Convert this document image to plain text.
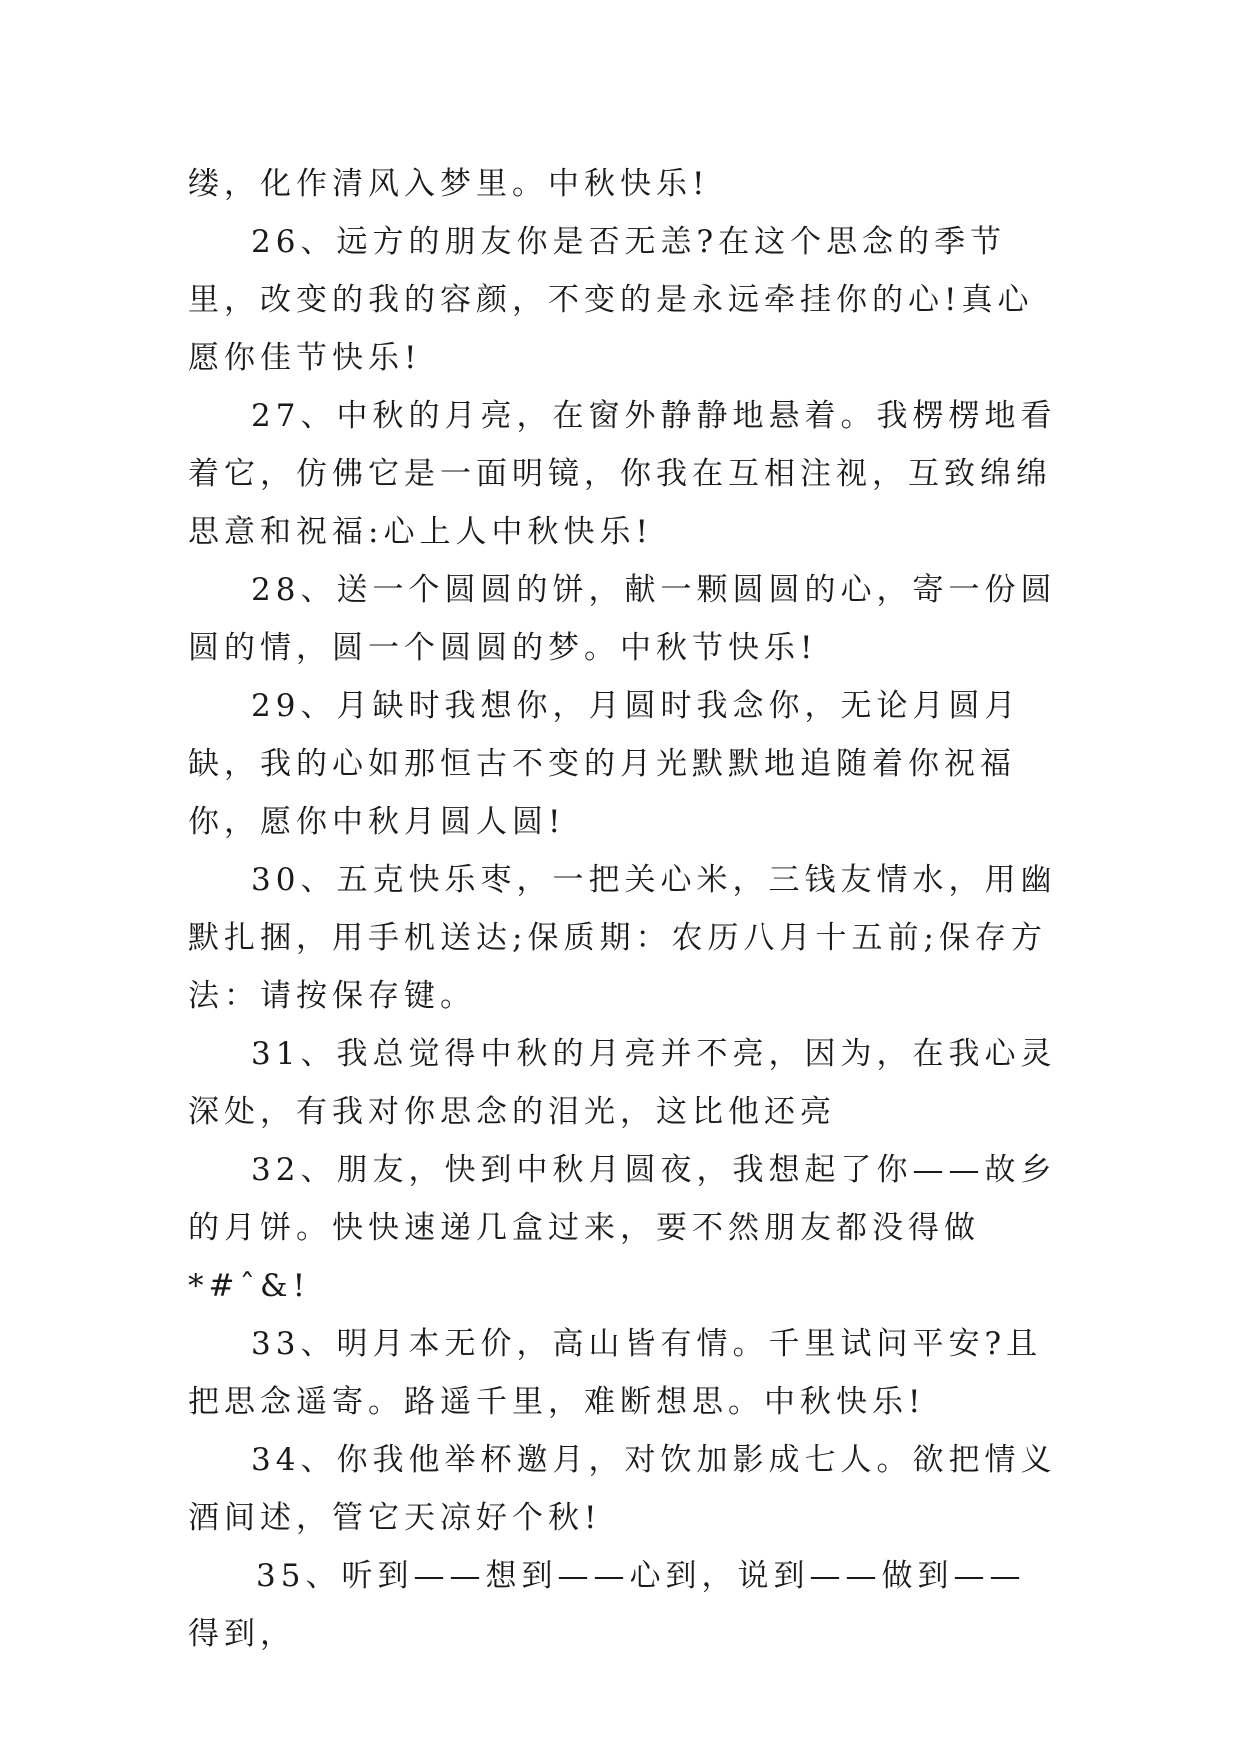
缕，化作清风入梦里。中秋快乐!

26、远方的朋友你是否无恙?在这个思念的季节里，改变的我的容颜，不变的是永远牵挂你的心!真心愿你佳节快乐!

27、中秋的月亮，在窗外静静地悬着。我楞楞地看着它，仿佛它是一面明镜，你我在互相注视，互致绵绵思意和祝福:心上人中秋快乐!

28、送一个圆圆的饼，献一颗圆圆的心，寄一份圆圆的情，圆一个圆圆的梦。中秋节快乐!

29、月缺时我想你，月圆时我念你，无论月圆月缺，我的心如那恒古不变的月光默默地追随着你祝福你，愿你中秋月圆人圆!

30、五克快乐枣，一把关心米，三钱友情水，用幽默扎捆，用手机送达;保质期：农历八月十五前;保存方法：请按保存键。

31、我总觉得中秋的月亮并不亮，因为，在我心灵深处，有我对你思念的泪光，这比他还亮

32、朋友，快到中秋月圆夜，我想起了你——故乡的月饼。快快速递几盒过来，要不然朋友都没得做*#ˆ&!

33、明月本无价，高山皆有情。千里试问平安?且把思念遥寄。路遥千里，难断想思。中秋快乐!

34、你我他举杯邀月，对饮加影成七人。欲把情义酒间述，管它天凉好个秋!

35、听到——想到——心到，说到——做到——得到，
